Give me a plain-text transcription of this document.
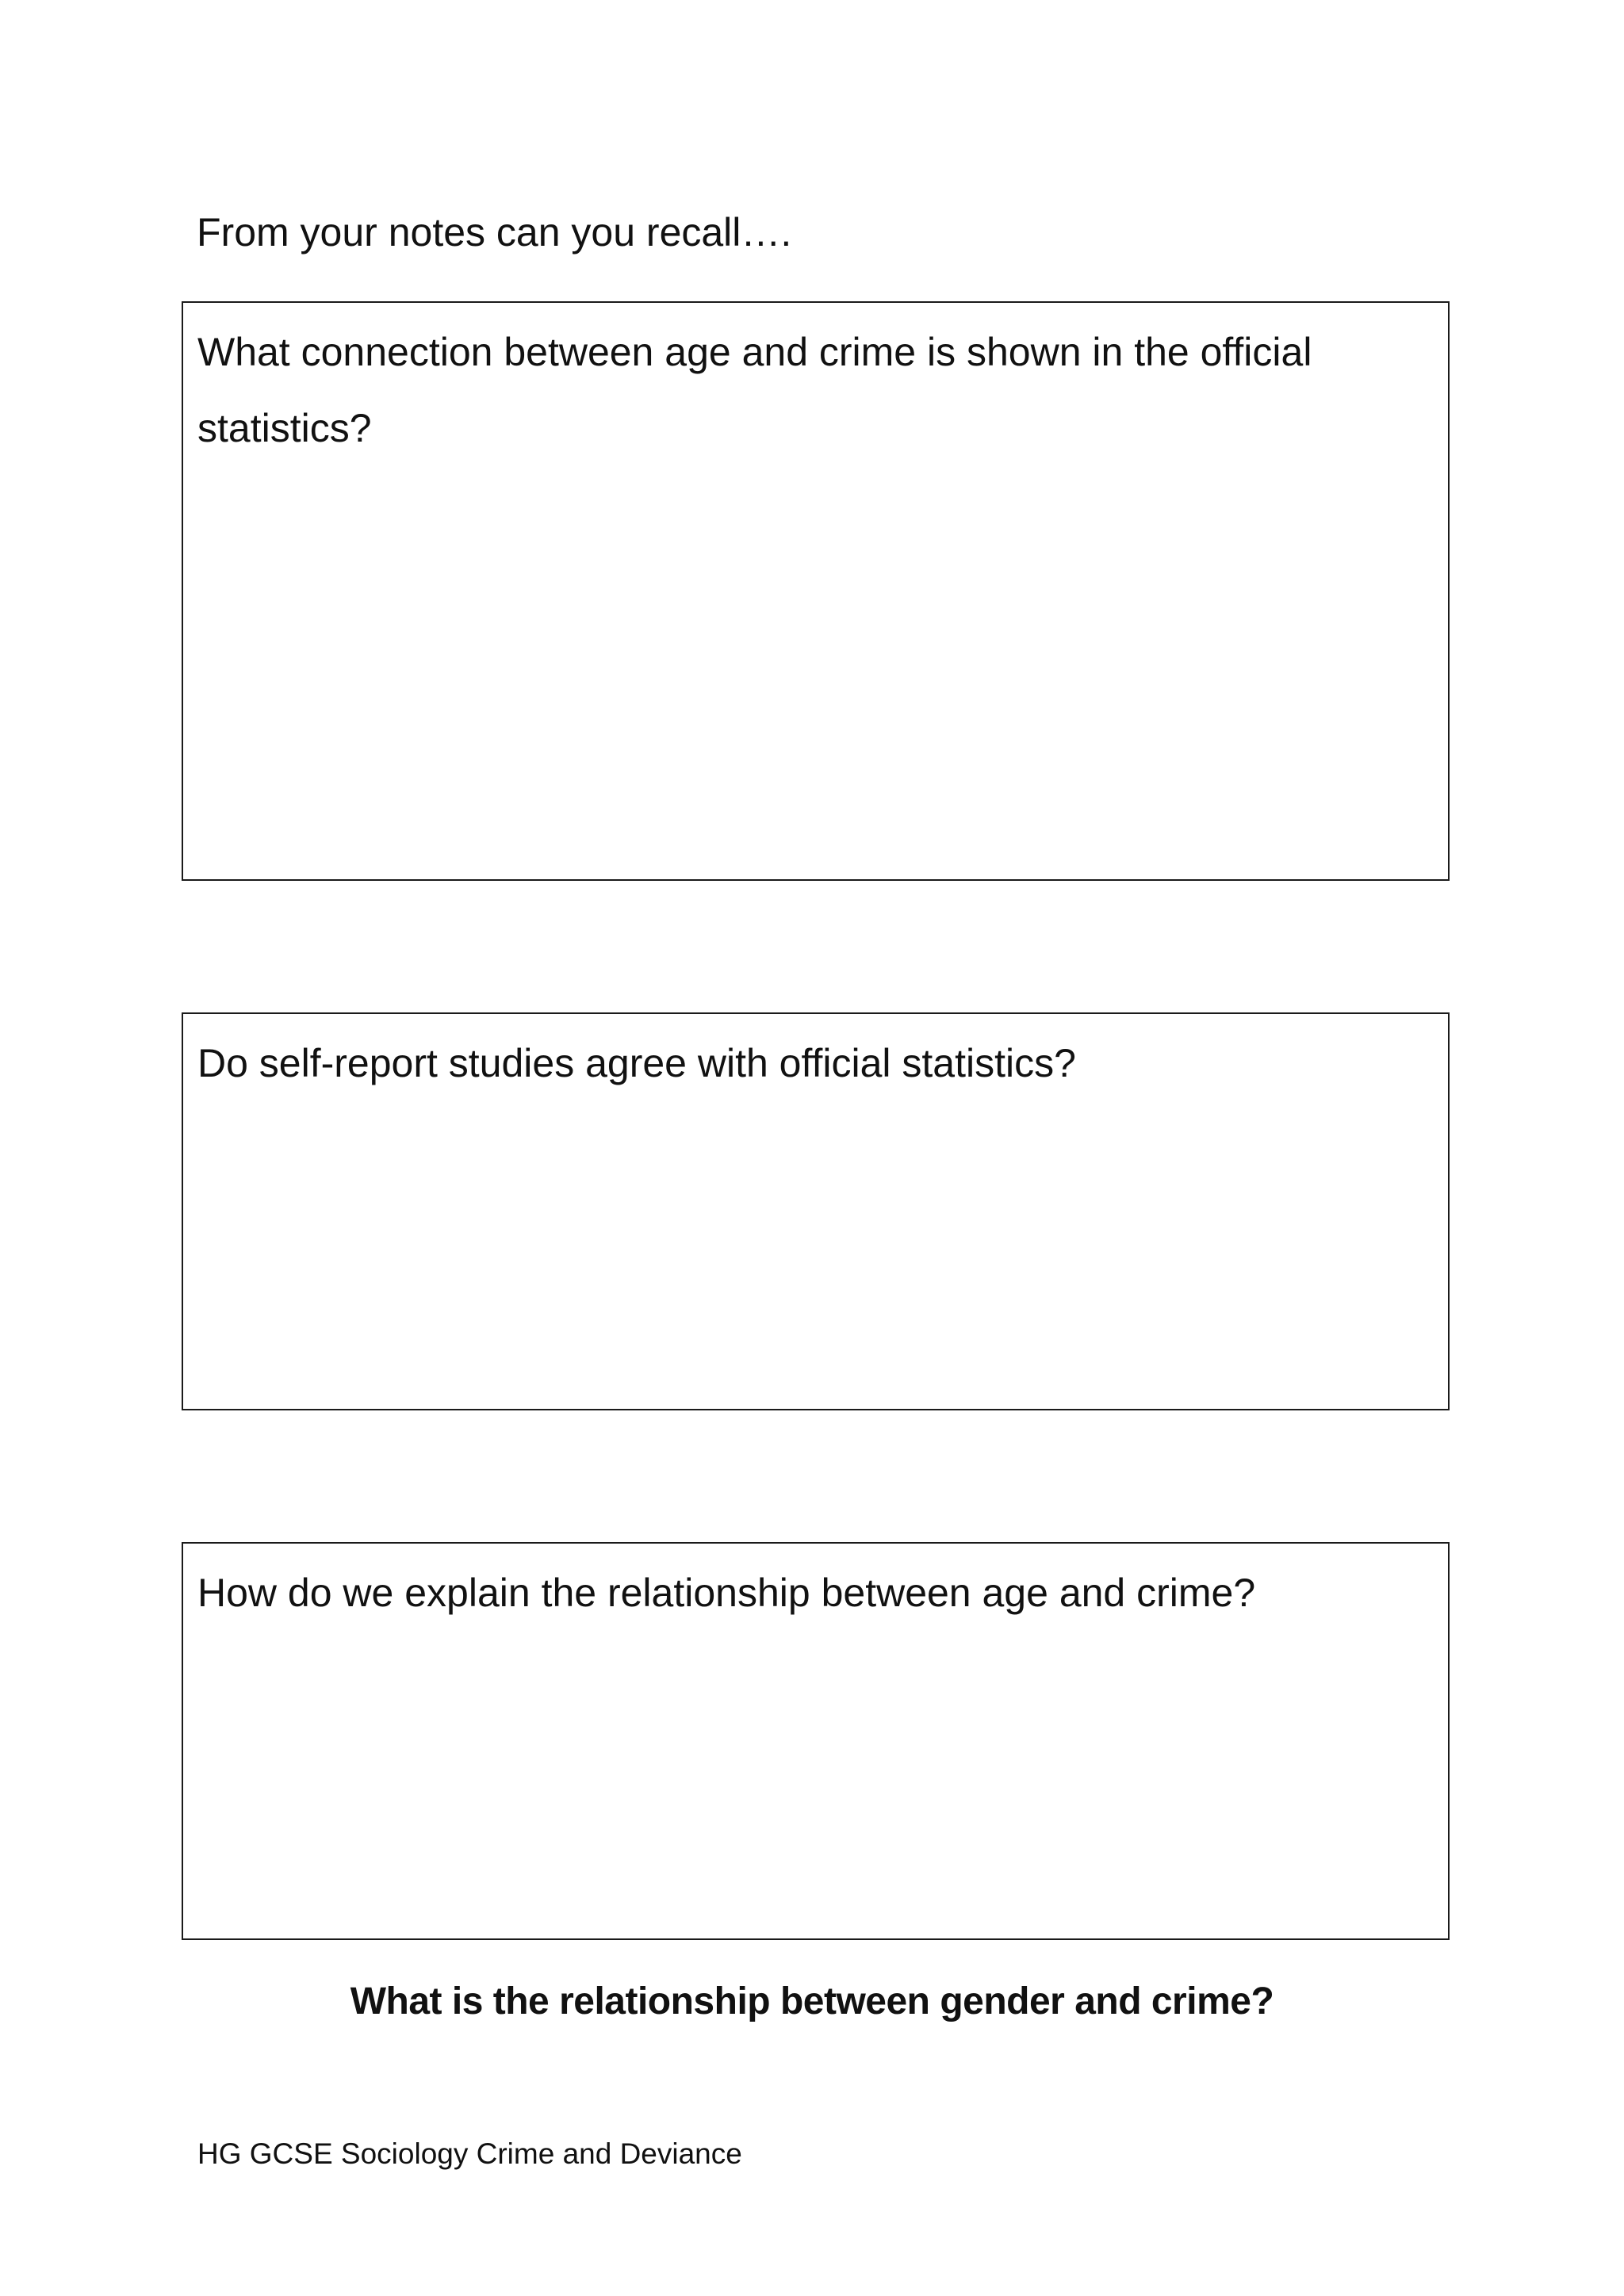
From your notes can you recall….
What connection between age and crime is shown in the official statistics?
Do self-report studies agree with official statistics?
How do we explain the relationship between age and crime?
What is the relationship between gender and crime?
HG GCSE Sociology Crime and Deviance
